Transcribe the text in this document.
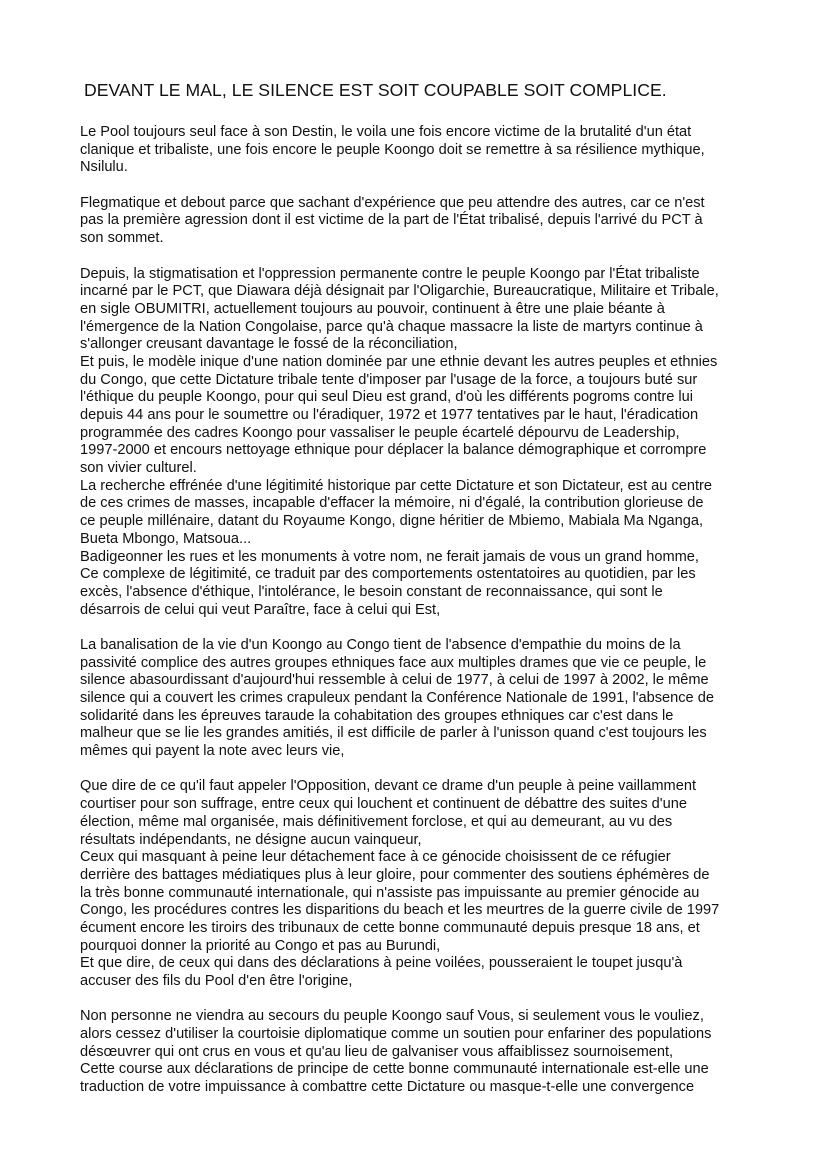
DEVANT LE MAL, LE SILENCE EST SOIT COUPABLE SOIT COMPLICE.
Le Pool toujours seul face à son Destin, le voila une fois encore victime de la brutalité d'un état
clanique et tribaliste, une fois encore le peuple Koongo doit se remettre à sa résilience mythique,
Nsilulu.
Flegmatique et debout parce que sachant d'expérience que peu attendre des autres, car ce n'est
pas la première agression dont il est victime de la part de l'État tribalisé, depuis l'arrivé du PCT à
son sommet.
Depuis, la stigmatisation et l'oppression permanente contre le peuple Koongo par l'État tribaliste
incarné par le PCT, que Diawara déjà désignait par l'Oligarchie, Bureaucratique, Militaire et Tribale,
en sigle OBUMITRI, actuellement toujours au pouvoir, continuent à être une plaie béante à
l'émergence de la Nation Congolaise, parce qu'à chaque massacre la liste de martyrs continue à
s'allonger creusant davantage le fossé de la réconciliation,
Et puis, le modèle inique d'une nation dominée par une ethnie devant les autres peuples et ethnies
du Congo, que cette Dictature tribale tente d'imposer par l'usage de la force, a toujours buté sur
l'éthique du peuple Koongo, pour qui seul Dieu est grand, d'où les différents pogroms contre lui
depuis 44 ans pour le soumettre ou l'éradiquer, 1972 et 1977 tentatives par le haut, l'éradication
programmée des cadres Koongo pour vassaliser le peuple écartelé dépourvu de Leadership,
1997-2000 et encours nettoyage ethnique pour déplacer la balance démographique et corrompre
son vivier culturel.
La recherche effrénée d'une légitimité historique par cette Dictature et son Dictateur, est au centre
de ces crimes de masses, incapable d'effacer la mémoire, ni d'égalé, la contribution glorieuse de
ce peuple millénaire, datant du Royaume Kongo, digne héritier de Mbiemo, Mabiala Ma Nganga,
Bueta Mbongo, Matsoua...
Badigeonner les rues et les monuments à votre nom, ne ferait jamais de vous un grand homme,
Ce complexe de légitimité, ce traduit par des comportements ostentatoires au quotidien, par les
excès, l'absence d'éthique, l'intolérance, le besoin constant de reconnaissance, qui sont le
désarrois de celui qui veut Paraître, face à celui qui Est,
La banalisation de la vie d'un Koongo au Congo tient de l'absence d'empathie du moins de la
passivité complice des autres groupes ethniques face aux multiples drames que vie ce peuple, le
silence abasourdissant d'aujourd'hui ressemble à celui de 1977, à celui de 1997 à 2002, le même
silence qui a couvert les crimes crapuleux pendant la Conférence Nationale de 1991, l'absence de
solidarité dans les épreuves taraude la cohabitation des groupes ethniques car c'est dans le
malheur que se lie les grandes amitiés, il est difficile de parler à l'unisson quand c'est toujours les
mêmes qui payent la note avec leurs vie,
Que dire de ce qu'il faut appeler l'Opposition, devant ce drame d'un peuple à peine vaillamment
courtiser pour son suffrage, entre ceux qui louchent et continuent de débattre des suites d'une
élection, même mal organisée, mais définitivement forclose, et qui au demeurant, au vu des
résultats indépendants, ne désigne aucun vainqueur,
Ceux qui masquant à peine leur détachement face à ce génocide choisissent de ce réfugier
derrière des battages médiatiques plus à leur gloire, pour commenter des soutiens éphémères de
la très bonne communauté internationale, qui n'assiste pas impuissante au premier génocide au
Congo, les procédures contres les disparitions du beach et les meurtres de la guerre civile de 1997
écument encore les tiroirs des tribunaux de cette bonne communauté depuis presque 18 ans, et
pourquoi donner la priorité au Congo et pas au Burundi,
Et que dire, de ceux qui dans des déclarations à peine voilées, pousseraient le toupet jusqu'à
accuser des fils du Pool d'en être l'origine,
Non personne ne viendra au secours du peuple Koongo sauf Vous, si seulement vous le vouliez,
alors cessez d'utiliser la courtoisie diplomatique comme un soutien pour enfariner des populations
désœuvrer qui ont crus en vous et qu'au lieu de galvaniser vous affaiblissez sournoisement,
Cette course aux déclarations de principe de cette bonne communauté internationale est-elle une
traduction de votre impuissance à combattre cette Dictature ou masque-t-elle une convergence
